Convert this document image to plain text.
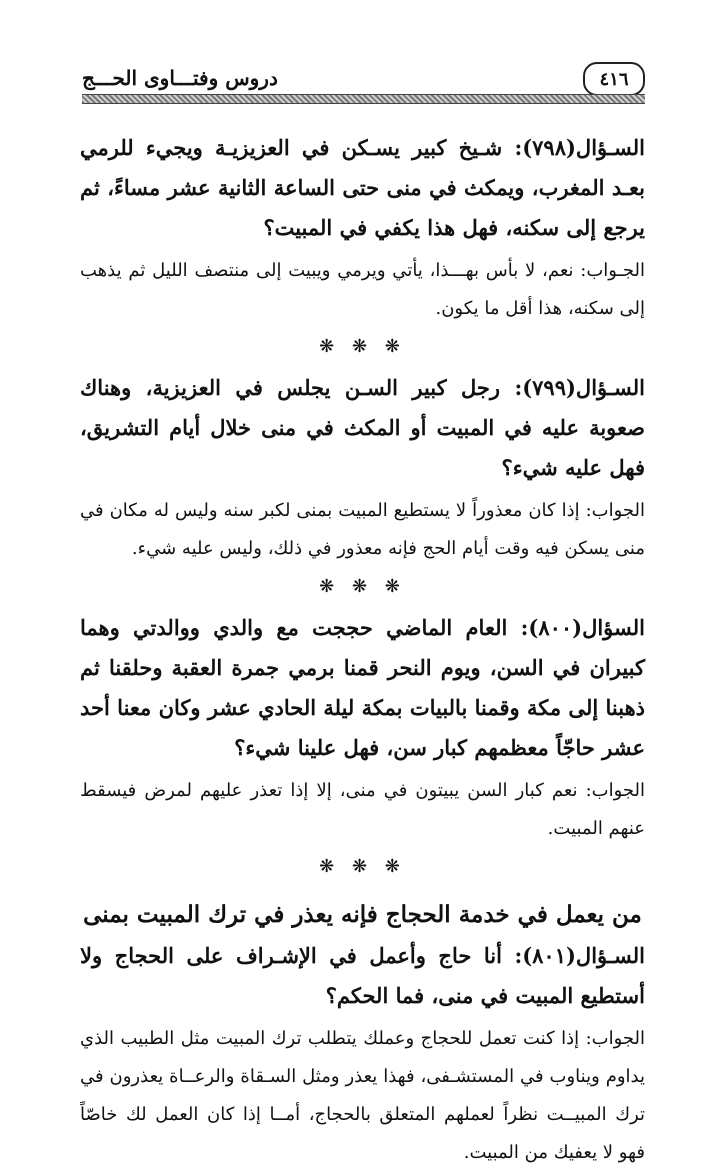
دروس وفتـــاوى الحـــج	٤١٦

السـؤال(٧٩٨): شـيخ كبير يسـكن في العزيزيـة ويجيء للرمي بعـد المغرب، ويمكث في منى حتى الساعة الثانية عشر مساءً، ثم يرجع إلى سكنه، فهل هذا يكفي في المبيت؟

الجـواب: نعم، لا بأس بهـــذا، يأتي ويرمي ويبيت إلى منتصف الليل ثم يذهب إلى سكنه، هذا أقل ما يكون.

❋ ❋ ❋

السـؤال(٧٩٩): رجل كبير السـن يجلس في العزيزية، وهناك صعوبة عليه في المبيت أو المكث في منى خلال أيام التشريق، فهل عليه شيء؟

الجواب: إذا كان معذوراً لا يستطيع المبيت بمنى لكبر سنه وليس له مكان في منى يسكن فيه وقت أيام الحج فإنه معذور في ذلك، وليس عليه شيء.

❋ ❋ ❋

السؤال(٨٠٠): العام الماضي حججت مع والدي ووالدتي وهما كبيران في السن، ويوم النحر قمنا برمي جمرة العقبة وحلقنا ثم ذهبنا إلى مكة وقمنا بالبيات بمكة ليلة الحادي عشر وكان معنا أحد عشر حاجّاً معظمهم كبار سن، فهل علينا شيء؟

الجواب: نعم كبار السن يبيتون في منى، إلا إذا تعذر عليهم لمرض فيسقط عنهم المبيت.

❋ ❋ ❋
من يعمل في خدمة الحجاج فإنه يعذر في ترك المبيت بمنى

السـؤال(٨٠١): أنا حاج وأعمل في الإشـراف على الحجاج ولا أستطيع المبيت في منى، فما الحكم؟

الجواب: إذا كنت تعمل للحجاج وعملك يتطلب ترك المبيت مثل الطبيب الذي يداوم ويناوب في المستشـفى، فهذا يعذر ومثل السـقاة والرعــاة يعذرون في ترك المبيــت نظراً لعملهم المتعلق بالحجاج، أمــا إذا كان العمل لك خاصّاً فهو لا يعفيك من المبيت.
